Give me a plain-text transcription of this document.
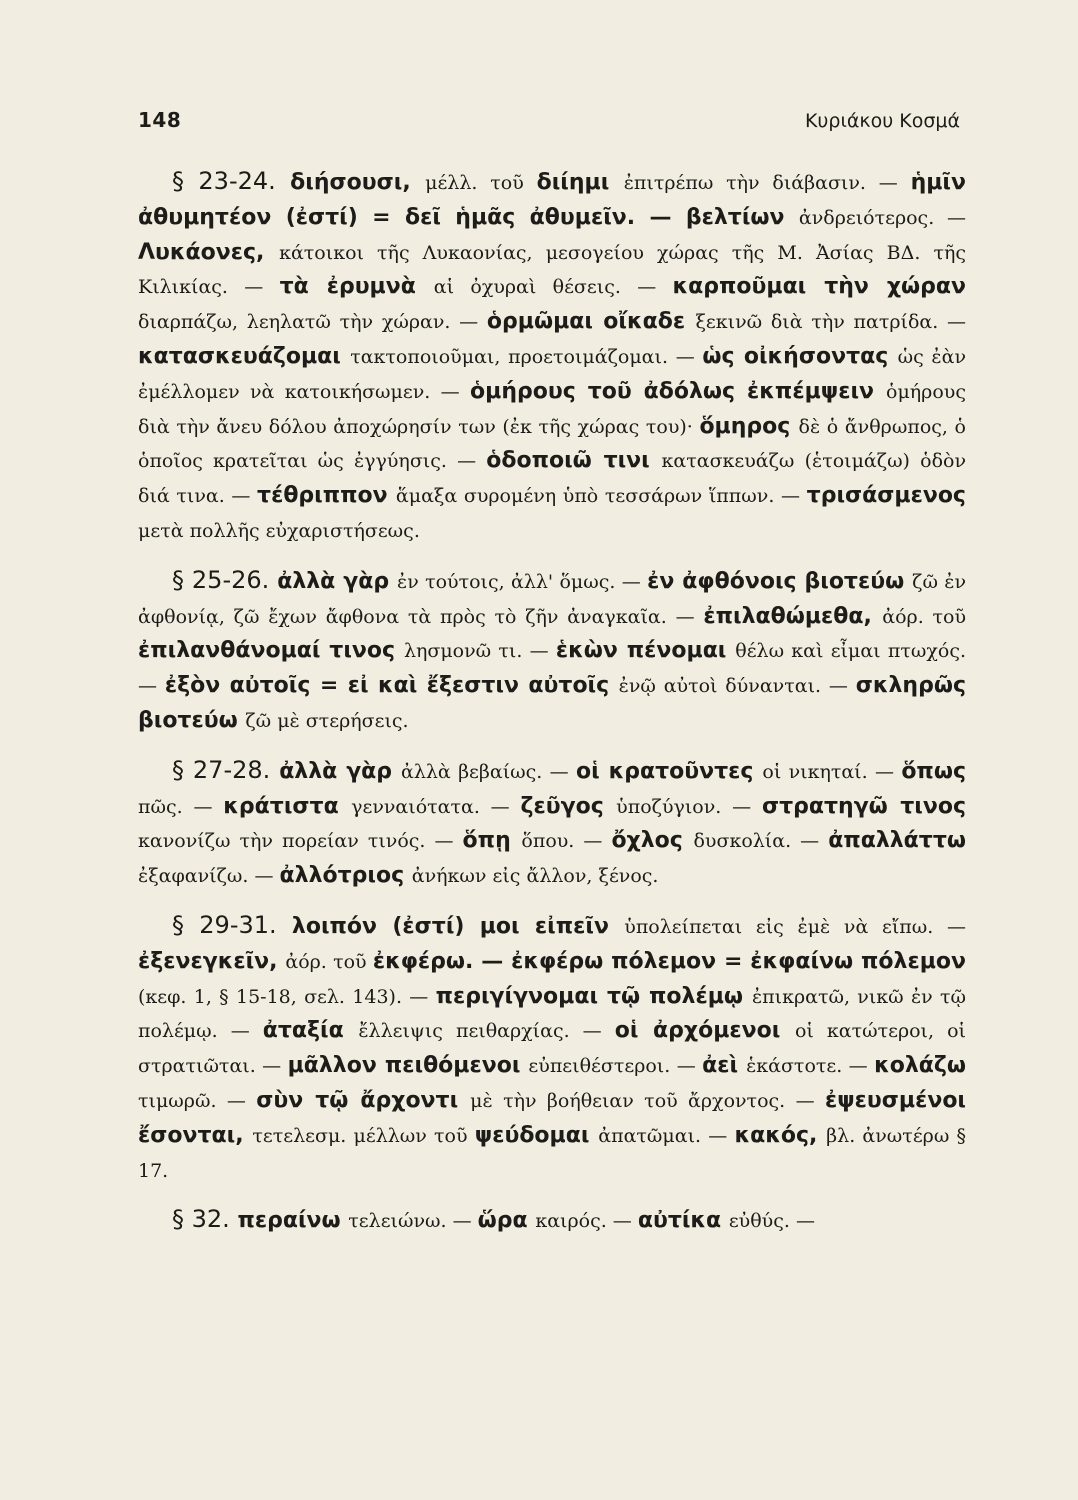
148	Κυριάκου Κοσμά

§ 23-24. διήσουσι, μέλλ. τοῦ διίημι ἐπιτρέπω τὴν διάβασιν. — ἡμῖν ἀθυμητέον (ἐστί) = δεῖ ἡμᾶς ἀθυμεῖν. — βελτίων ἀνδρειότερος. — Λυκάονες, κάτοικοι τῆς Λυκαονίας, μεσογείου χώρας τῆς Μ. Ἀσίας ΒΔ. τῆς Κιλικίας. — τὰ ἐρυμνὰ αἱ ὀχυραὶ θέσεις. — καρποῦμαι τὴν χώραν διαρπάζω, λεηλατῶ τὴν χώραν. — ὁρμῶμαι οἴκαδε ξεκινῶ διὰ τὴν πατρίδα. — κατασκευάζομαι τακτοποιοῦμαι, προετοιμάζομαι. — ὡς οἰκήσοντας ὡς ἐὰν ἐμέλλομεν νὰ κατοικήσωμεν. — ὁμήρους τοῦ ἀδόλως ἐκπέμψειν ὁμήρους διὰ τὴν ἄνευ δόλου ἀποχώρησίν των (ἐκ τῆς χώρας του)· ὅμηρος δὲ ὁ ἄνθρωπος, ὁ ὁποῖος κρατεῖται ὡς ἐγγύησις. — ὁδοποιῶ τινι κατασκευάζω (ἑτοιμάζω) ὁδὸν διά τινα. — τέθριππον ἅμαξα συρομένη ὑπὸ τεσσάρων ἵππων. — τρισάσμενος μετὰ πολλῆς εὐχαριστήσεως.

§ 25-26. ἀλλὰ γὰρ ἐν τούτοις, ἀλλ' ὅμως. — ἐν ἀφθόνοις βιοτεύω ζῶ ἐν ἀφθονίᾳ, ζῶ ἔχων ἄφθονα τὰ πρὸς τὸ ζῆν ἀναγκαῖα. — ἐπιλαθώμεθα, ἀόρ. τοῦ ἐπιλανθάνομαί τινος λησμονῶ τι. — ἑκὼν πένομαι θέλω καὶ εἶμαι πτωχός. — ἐξὸν αὐτοῖς = εἰ καὶ ἔξεστιν αὐτοῖς ἐνῷ αὐτοὶ δύνανται. — σκληρῶς βιοτεύω ζῶ μὲ στερήσεις.

§ 27-28. ἀλλὰ γὰρ ἀλλὰ βεβαίως. — οἱ κρατοῦντες οἱ νικηταί. — ὅπως πῶς. — κράτιστα γενναιότατα. — ζεῦγος ὑποζύγιον. — στρατηγῶ τινος κανονίζω τὴν πορείαν τινός. — ὅπῃ ὅπου. — ὄχλος δυσκολία. — ἀπαλλάττω ἐξαφανίζω. — ἀλλότριος ἀνήκων εἰς ἄλλον, ξένος.

§ 29-31. λοιπόν (ἐστί) μοι εἰπεῖν ὑπολείπεται εἰς ἐμὲ νὰ εἴπω. — ἐξενεγκεῖν, ἀόρ. τοῦ ἐκφέρω. — ἐκφέρω πόλεμον = ἐκφαίνω πόλεμον (κεφ. 1, § 15-18, σελ. 143). — περιγίγνομαι τῷ πολέμῳ ἐπικρατῶ, νικῶ ἐν τῷ πολέμῳ. — ἀταξία ἔλλειψις πειθαρχίας. — οἱ ἀρχόμενοι οἱ κατώτεροι, οἱ στρατιῶται. — μᾶλλον πειθόμενοι εὐπειθέστεροι. — ἀεὶ ἑκάστοτε. — κολάζω τιμωρῶ. — σὺν τῷ ἄρχοντι μὲ τὴν βοήθειαν τοῦ ἄρχοντος. — ἐψευσμένοι ἔσονται, τετελεσμ. μέλλων τοῦ ψεύδομαι ἀπατῶμαι. — κακός, βλ. ἀνωτέρω § 17.

§ 32. περαίνω τελειώνω. — ὥρα καιρός. — αὐτίκα εὐθύς. —
